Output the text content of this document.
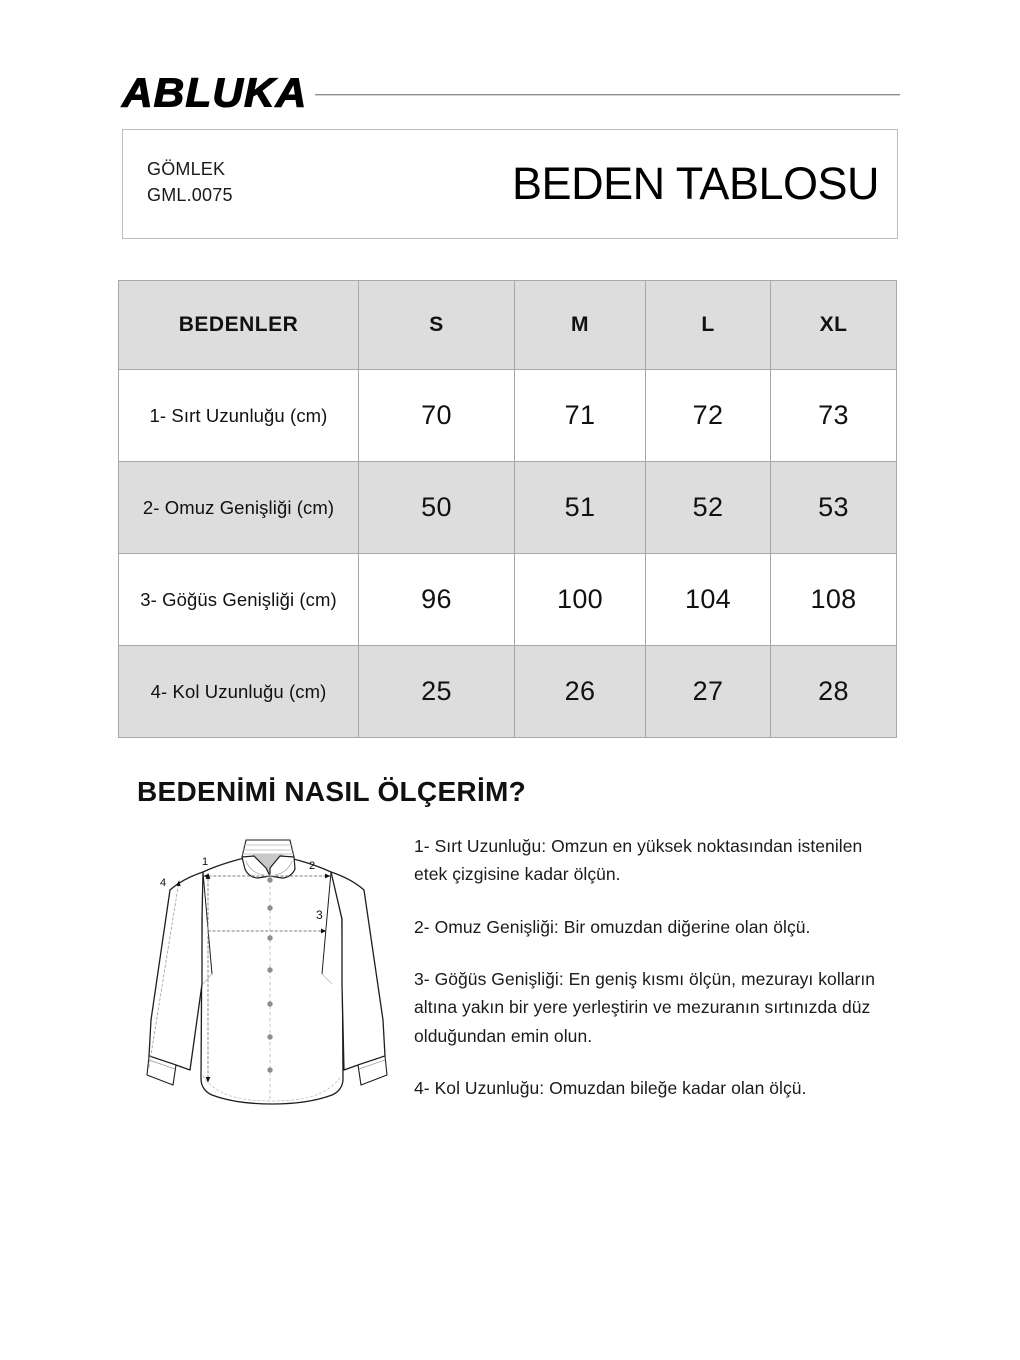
ABLUKA
GÖMLEK
GML.0075	BEDEN TABLOSU
BEDENLER	S	M	L	XL
1- Sırt Uzunluğu (cm)	70	71	72	73
2- Omuz Genişliği (cm)	50	51	52	53
3- Göğüs Genişliği (cm)	96	100	104	108
4- Kol Uzunluğu (cm)	25	26	27	28
BEDENİMİ NASIL ÖLÇERİM?
2
3
1
4

1- Sırt Uzunluğu: Omzun en yüksek noktasından istenilen etek çizgisine kadar ölçün.

2- Omuz Genişliği: Bir omuzdan diğerine olan ölçü.

3- Göğüs Genişliği: En geniş kısmı ölçün, mezurayı kolların altına yakın bir yere yerleştirin ve mezuranın sırtınızda düz olduğundan emin olun.

4- Kol Uzunluğu: Omuzdan bileğe kadar olan ölçü.
